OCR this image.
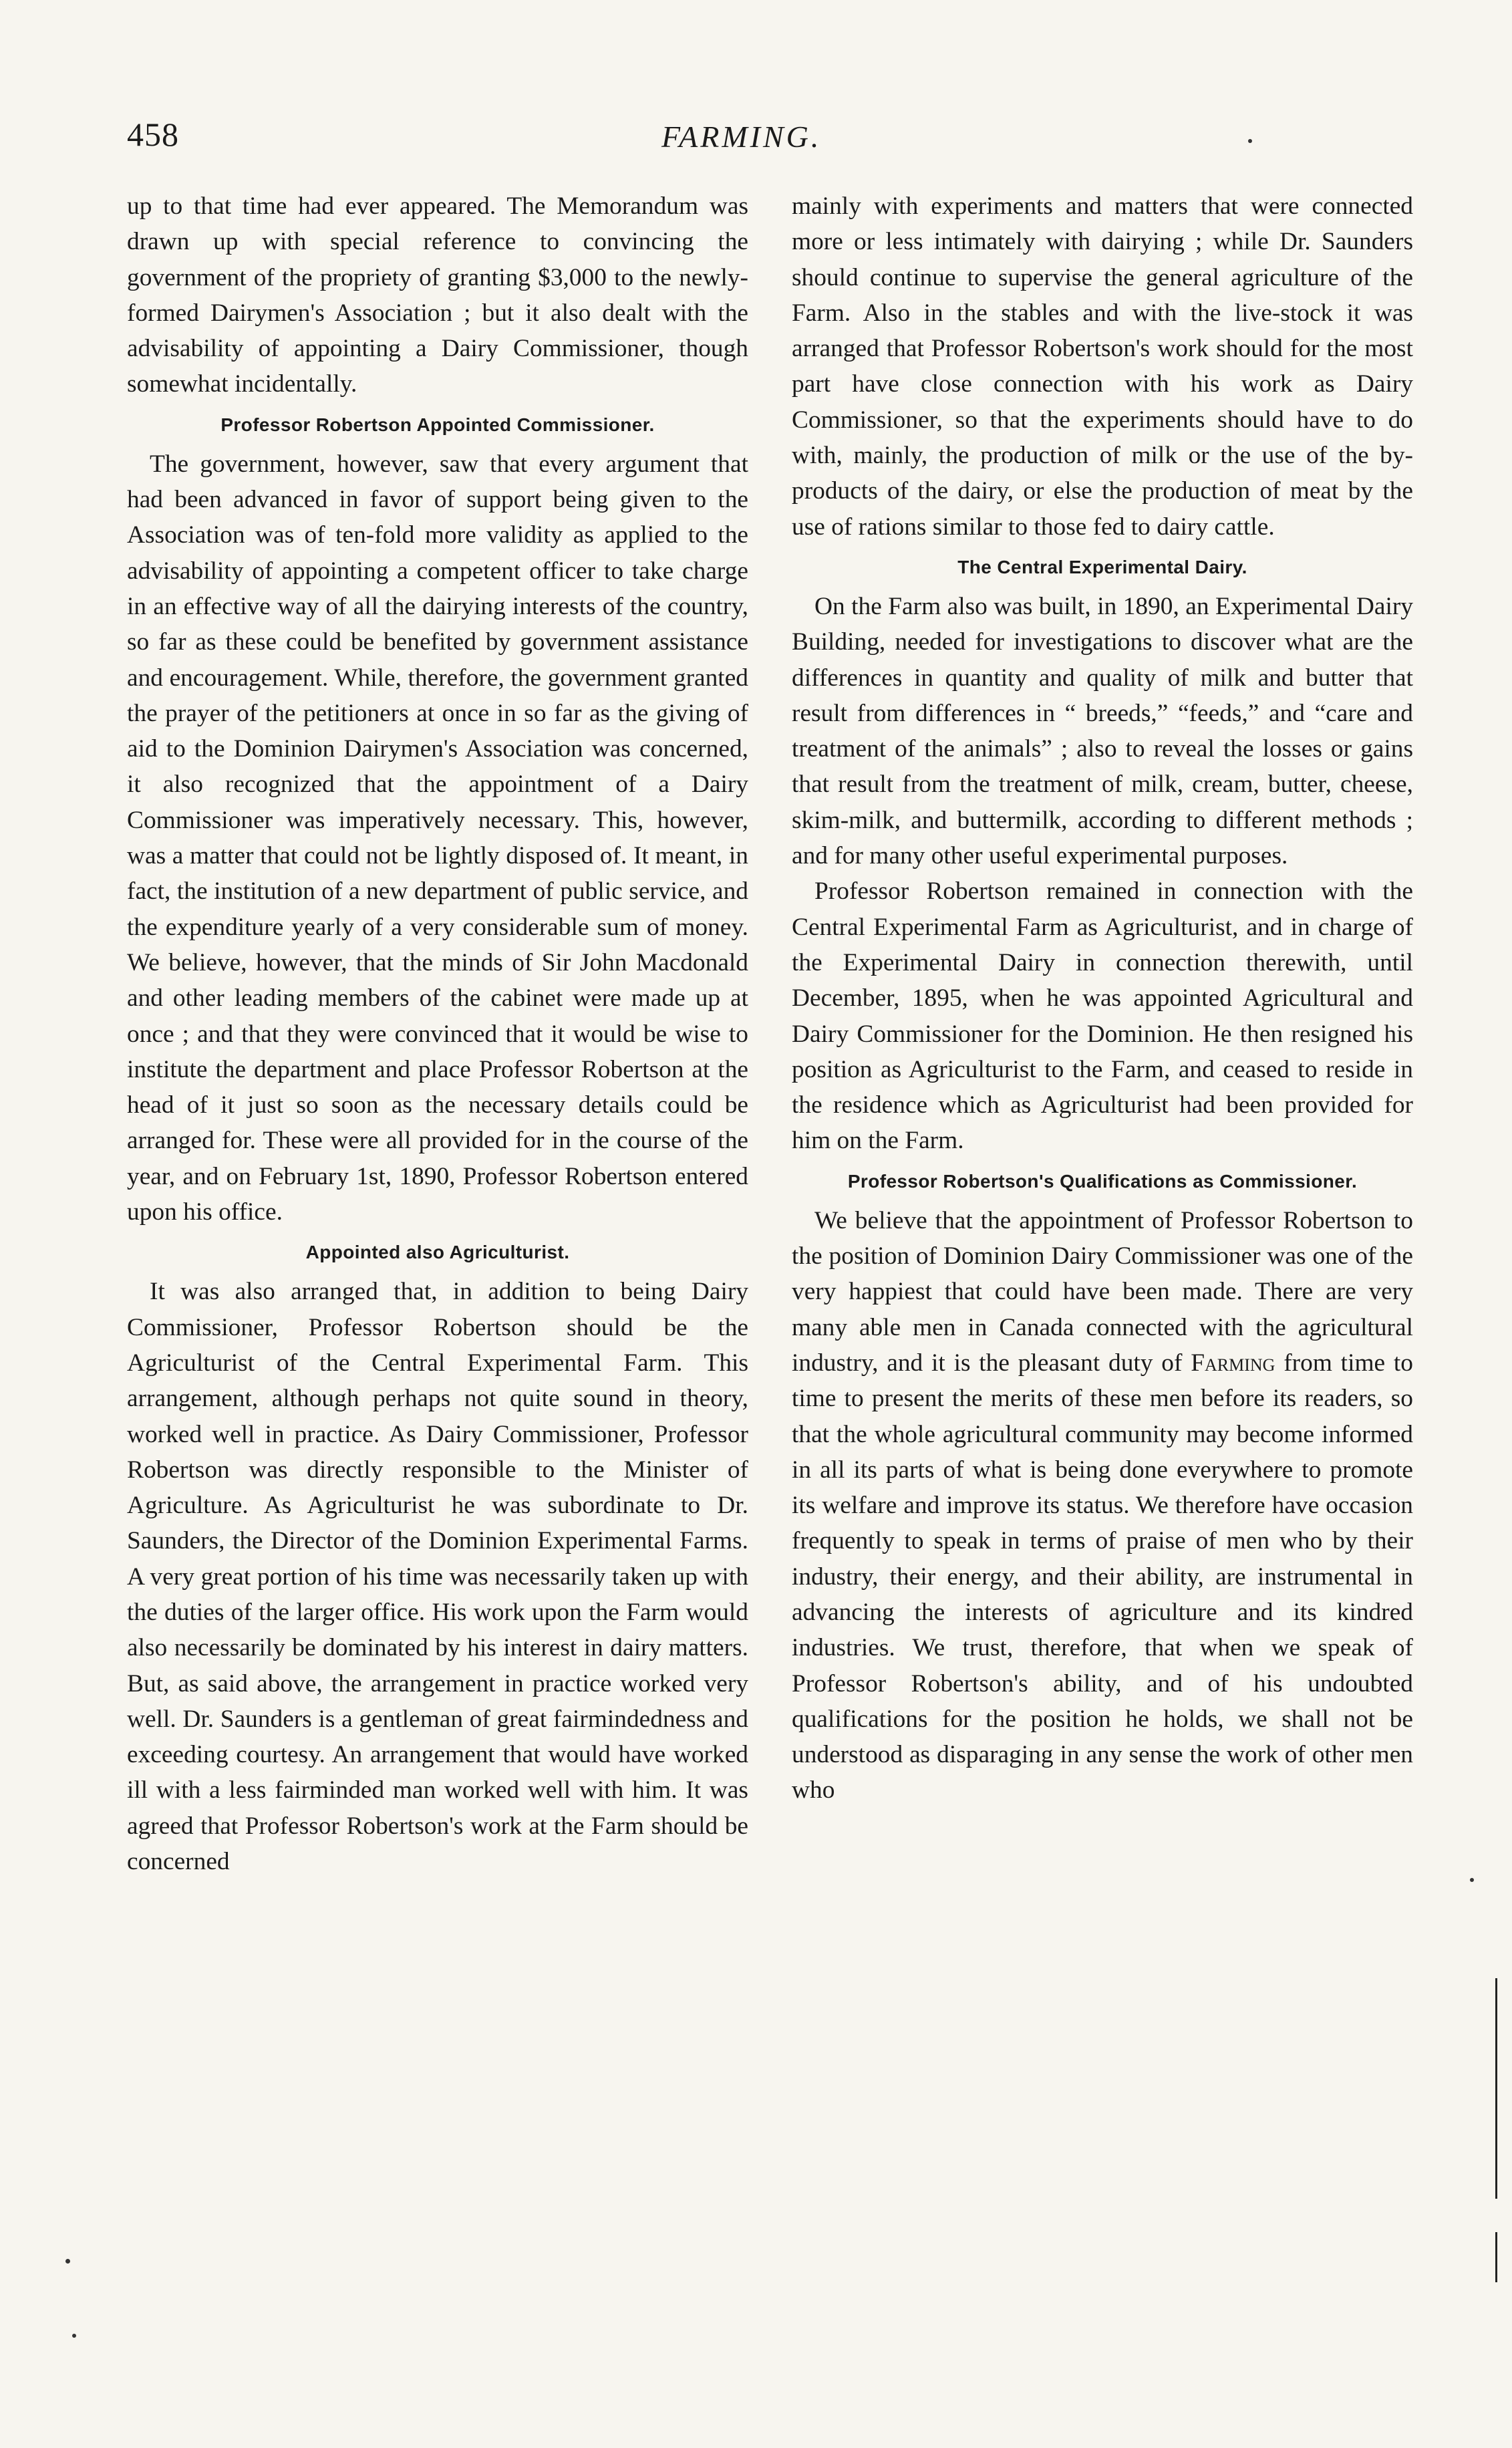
458	FARMING.

up to that time had ever appeared. The Memorandum was drawn up with special reference to convincing the government of the propriety of granting $3,000 to the newly-formed Dairymen's Association ; but it also dealt with the advisability of appointing a Dairy Commissioner, though somewhat incidentally.

Professor Robertson Appointed Commissioner.

The government, however, saw that every argument that had been advanced in favor of support being given to the Association was of ten-fold more validity as applied to the advisability of appointing a competent officer to take charge in an effective way of all the dairying interests of the country, so far as these could be benefited by government assistance and encouragement. While, therefore, the government granted the prayer of the petitioners at once in so far as the giving of aid to the Dominion Dairymen's Association was concerned, it also recognized that the appointment of a Dairy Commissioner was imperatively necessary. This, however, was a matter that could not be lightly disposed of. It meant, in fact, the institution of a new department of public service, and the expenditure yearly of a very considerable sum of money. We believe, however, that the minds of Sir John Macdonald and other leading members of the cabinet were made up at once ; and that they were convinced that it would be wise to institute the department and place Professor Robertson at the head of it just so soon as the necessary details could be arranged for. These were all provided for in the course of the year, and on February 1st, 1890, Professor Robertson entered upon his office.

Appointed also Agriculturist.

It was also arranged that, in addition to being Dairy Commissioner, Professor Robertson should be the Agriculturist of the Central Experimental Farm. This arrangement, although perhaps not quite sound in theory, worked well in practice. As Dairy Commissioner, Professor Robertson was directly responsible to the Minister of Agriculture. As Agriculturist he was subordinate to Dr. Saunders, the Director of the Dominion Experimental Farms. A very great portion of his time was necessarily taken up with the duties of the larger office. His work upon the Farm would also necessarily be dominated by his interest in dairy matters. But, as said above, the arrangement in practice worked very well. Dr. Saunders is a gentleman of great fairmindedness and exceeding courtesy. An arrangement that would have worked ill with a less fairminded man worked well with him. It was agreed that Professor Robertson's work at the Farm should be concerned

mainly with experiments and matters that were connected more or less intimately with dairying ; while Dr. Saunders should continue to supervise the general agriculture of the Farm. Also in the stables and with the live-stock it was arranged that Professor Robertson's work should for the most part have close connection with his work as Dairy Commissioner, so that the experiments should have to do with, mainly, the production of milk or the use of the by-products of the dairy, or else the production of meat by the use of rations similar to those fed to dairy cattle.

The Central Experimental Dairy.

On the Farm also was built, in 1890, an Experimental Dairy Building, needed for investigations to discover what are the differences in quantity and quality of milk and butter that result from differences in “ breeds,” “feeds,” and “care and treatment of the animals” ; also to reveal the losses or gains that result from the treatment of milk, cream, butter, cheese, skim-milk, and buttermilk, according to different methods ; and for many other useful experimental purposes.

Professor Robertson remained in connection with the Central Experimental Farm as Agriculturist, and in charge of the Experimental Dairy in connection therewith, until December, 1895, when he was appointed Agricultural and Dairy Commissioner for the Dominion. He then resigned his position as Agriculturist to the Farm, and ceased to reside in the residence which as Agriculturist had been provided for him on the Farm.

Professor Robertson's Qualifications as Commissioner.

We believe that the appointment of Professor Robertson to the position of Dominion Dairy Commissioner was one of the very happiest that could have been made. There are very many able men in Canada connected with the agricultural industry, and it is the pleasant duty of Farming from time to time to present the merits of these men before its readers, so that the whole agricultural community may become informed in all its parts of what is being done everywhere to promote its welfare and improve its status. We therefore have occasion frequently to speak in terms of praise of men who by their industry, their energy, and their ability, are instrumental in advancing the interests of agriculture and its kindred industries. We trust, therefore, that when we speak of Professor Robertson's ability, and of his undoubted qualifications for the position he holds, we shall not be understood as disparaging in any sense the work of other men who
